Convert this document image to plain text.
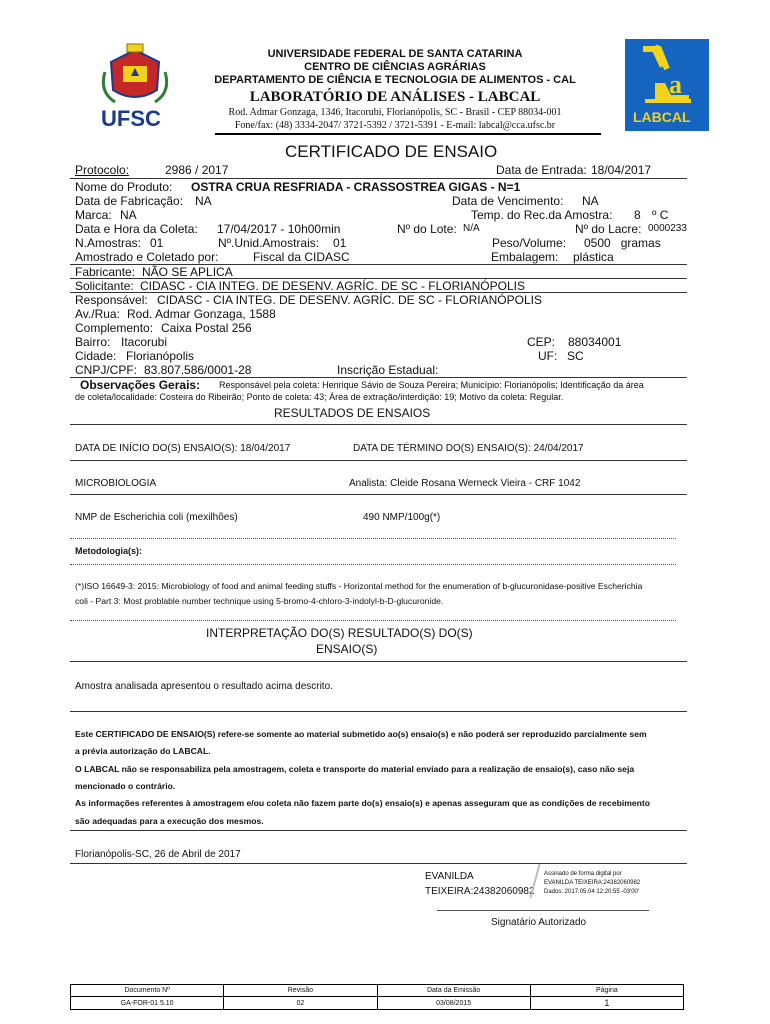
UFSC
UNIVERSIDADE FEDERAL DE SANTA CATARINA
CENTRO DE CIÊNCIAS AGRÁRIAS
DEPARTAMENTO DE CIÊNCIA E TECNOLOGIA DE ALIMENTOS - CAL
LABORATÓRIO DE ANÁLISES - LABCAL
Rod. Admar Gonzaga, 1346, Itacorubi, Florianópolis, SC - Brasil - CEP 88034-001
Fone/fax: (48) 3334-2047/ 3721-5392 / 3721-5391 - E-mail: labcal@cca.ufsc.br
a
LABCAL
CERTIFICADO DE ENSAIO
Protocolo:	2986 / 2017	Data de Entrada: 18/04/2017
Nome do Produto: OSTRA CRUA RESFRIADA - CRASSOSTREA GIGAS - N=1
Data de Fabricação: NA	Data de Vencimento: NA
Marca: NA	Temp. do Rec.da Amostra: 8 º C
Data e Hora da Coleta: 17/04/2017 - 10h00min	Nº do Lote: N/A	Nº do Lacre: 0000233
N.Amostras: 01	Nº.Unid.Amostrais: 01	Peso/Volume: 0500   gramas
Amostrado e Coletado por:	Fiscal da CIDASC	Embalagem: plástica
Fabricante: NÃO SE APLICA
Solicitante: CIDASC - CIA INTEG. DE DESENV. AGRÍC. DE SC - FLORIANÓPOLIS
Responsável: CIDASC - CIA INTEG. DE DESENV. AGRÍC. DE SC - FLORIANÓPOLIS
Av./Rua: Rod. Admar Gonzaga, 1588
Complemento: Caixa Postal 256
Bairro: Itacorubi	CEP: 88034001
Cidade: Florianópolis	UF: SC
CNPJ/CPF: 83.807.586/0001-28	Inscrição Estadual:
Observações Gerais: Responsável pela coleta: Henrique Sávio de Souza Pereira; Município: Florianópolis; Identificação da área
de coleta/localidade: Costeira do Ribeirão; Ponto de coleta: 43; Área de extração/interdição: 19; Motivo da coleta: Regular.
RESULTADOS DE ENSAIOS
DATA DE INÍCIO DO(S) ENSAIO(S): 18/04/2017	DATA DE TÉRMINO DO(S) ENSAIO(S): 24/04/2017
MICROBIOLOGIA	Analista: Cleide Rosana Werneck Vieira - CRF 1042
NMP de Escherichia coli (mexilhões)	490 NMP/100g(*)
Metodologia(s):
(*)ISO 16649-3: 2015: Microbiology of food and animal feeding stuffs - Horizontal method for the enumeration of b-glucuronidase-positive Escherichia
coli - Part 3: Most problable number technique using 5-bromo-4-chloro-3-indolyl-b-D-glucuronide.
INTERPRETAÇÃO DO(S) RESULTADO(S) DO(S)
ENSAIO(S)
Amostra analisada apresentou o resultado acima descrito.
Este CERTIFICADO DE ENSAIO(S) refere-se somente ao material submetido ao(s) ensaio(s) e não poderá ser reproduzido parcialmente sem
a prévia autorização do LABCAL.
O LABCAL não se responsabiliza pela amostragem, coleta e transporte do material enviado para a realização de ensaio(s), caso não seja
mencionado o contrário.
As informações referentes à amostragem e/ou coleta não fazem parte do(s) ensaio(s) e apenas asseguram que as condições de recebimento
são adequadas para a execução dos mesmos.
Florianópolis-SC, 26 de Abril de 2017
EVANILDA
TEIXEIRA:24382060982
Assinado de forma digital por
EVANILDA TEIXEIRA:24382060982
Dados: 2017.05.04 12:20:55 -03'00'
Signatário Autorizado
Documento Nº	Revisão	Data da Emissão	Página
GA-FOR-01 5.10	02	03/08/2015	1
